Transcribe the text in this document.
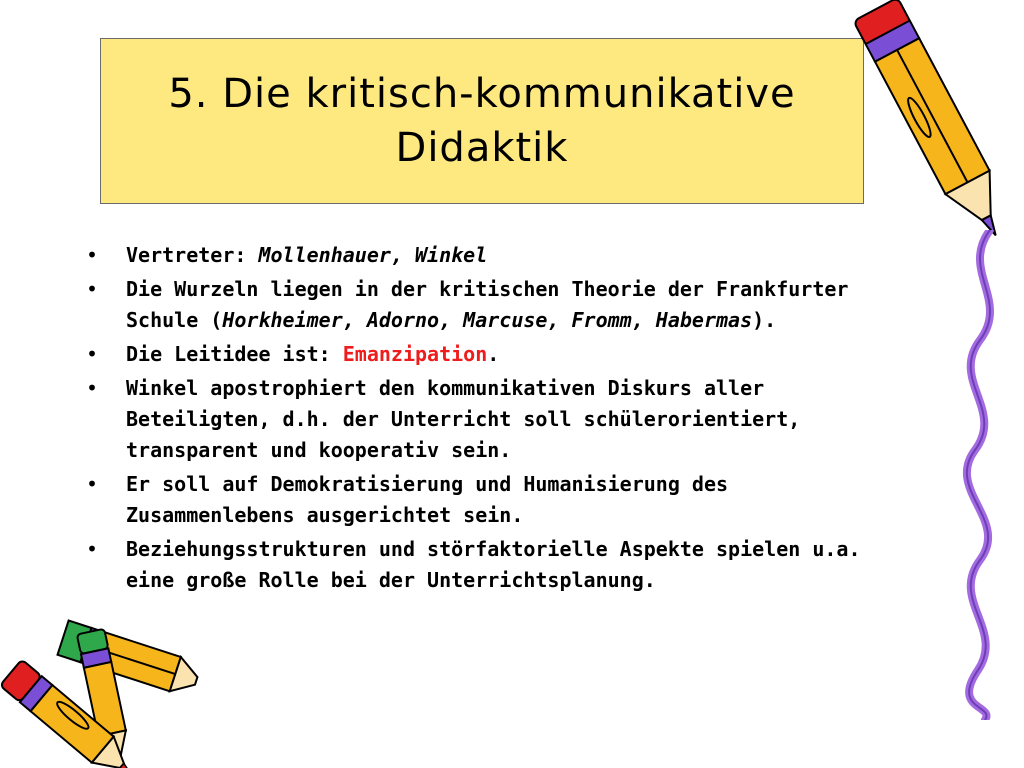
5. Die kritisch-kommunikative
Didaktik
• Vertreter: Mollenhauer, Winkel
• Die Wurzeln liegen in der kritischen Theorie der Frankfurter Schule (Horkheimer, Adorno, Marcuse, Fromm, Habermas).
• Die Leitidee ist: Emanzipation.
• Winkel apostrophiert den kommunikativen Diskurs aller Beteiligten, d.h. der Unterricht soll schülerorientiert, transparent und kooperativ sein.
• Er soll auf Demokratisierung und Humanisierung des Zusammenlebens ausgerichtet sein.
• Beziehungsstrukturen und störfaktorielle Aspekte spielen u.a. eine große Rolle bei der Unterrichtsplanung.
